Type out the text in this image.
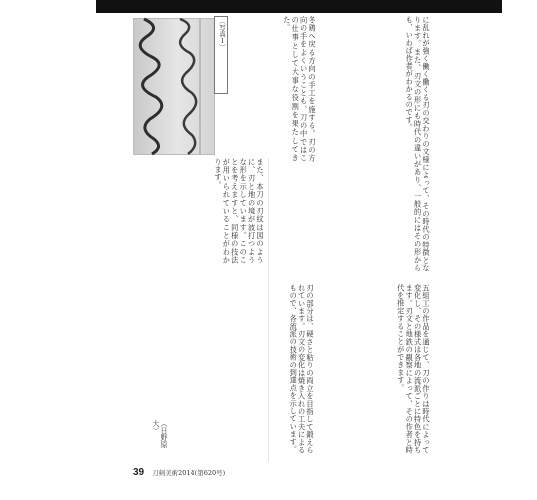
〔写真１〕	に乱れが強く働く働くる刃の交わりの文様によって、その時代の特徴となります。また、刃文の形にも時代の違いがあり、一般的にはその形からも、いわば作者がわかるのです。
冬鶏へ戻る方向の手工を施する。刃の方向の手をよくいうことも、刀の中ではこの仕事として大事な役割を果たしてきた。
また、本刀の刃紋は図のように、刃と地の境が波打つような形を示しています。このことを考えますと、同様の技法が用いられていることがわかります。
五組工の作品を通じて、刀の作りは時代によって変化し、その様式は各地の流派ごとに特色を持ちます。刃文と地鉄の観察によって、その作者と時代を推定することができます。
刃の部分は、硬さと粘りの両立を目指して鍛えられています。刃文の変化は焼き入れの工夫によるもので、各流派の技術の到達点を示しています。
（日野原 大）
39 刀剣美術2014(第620号)
